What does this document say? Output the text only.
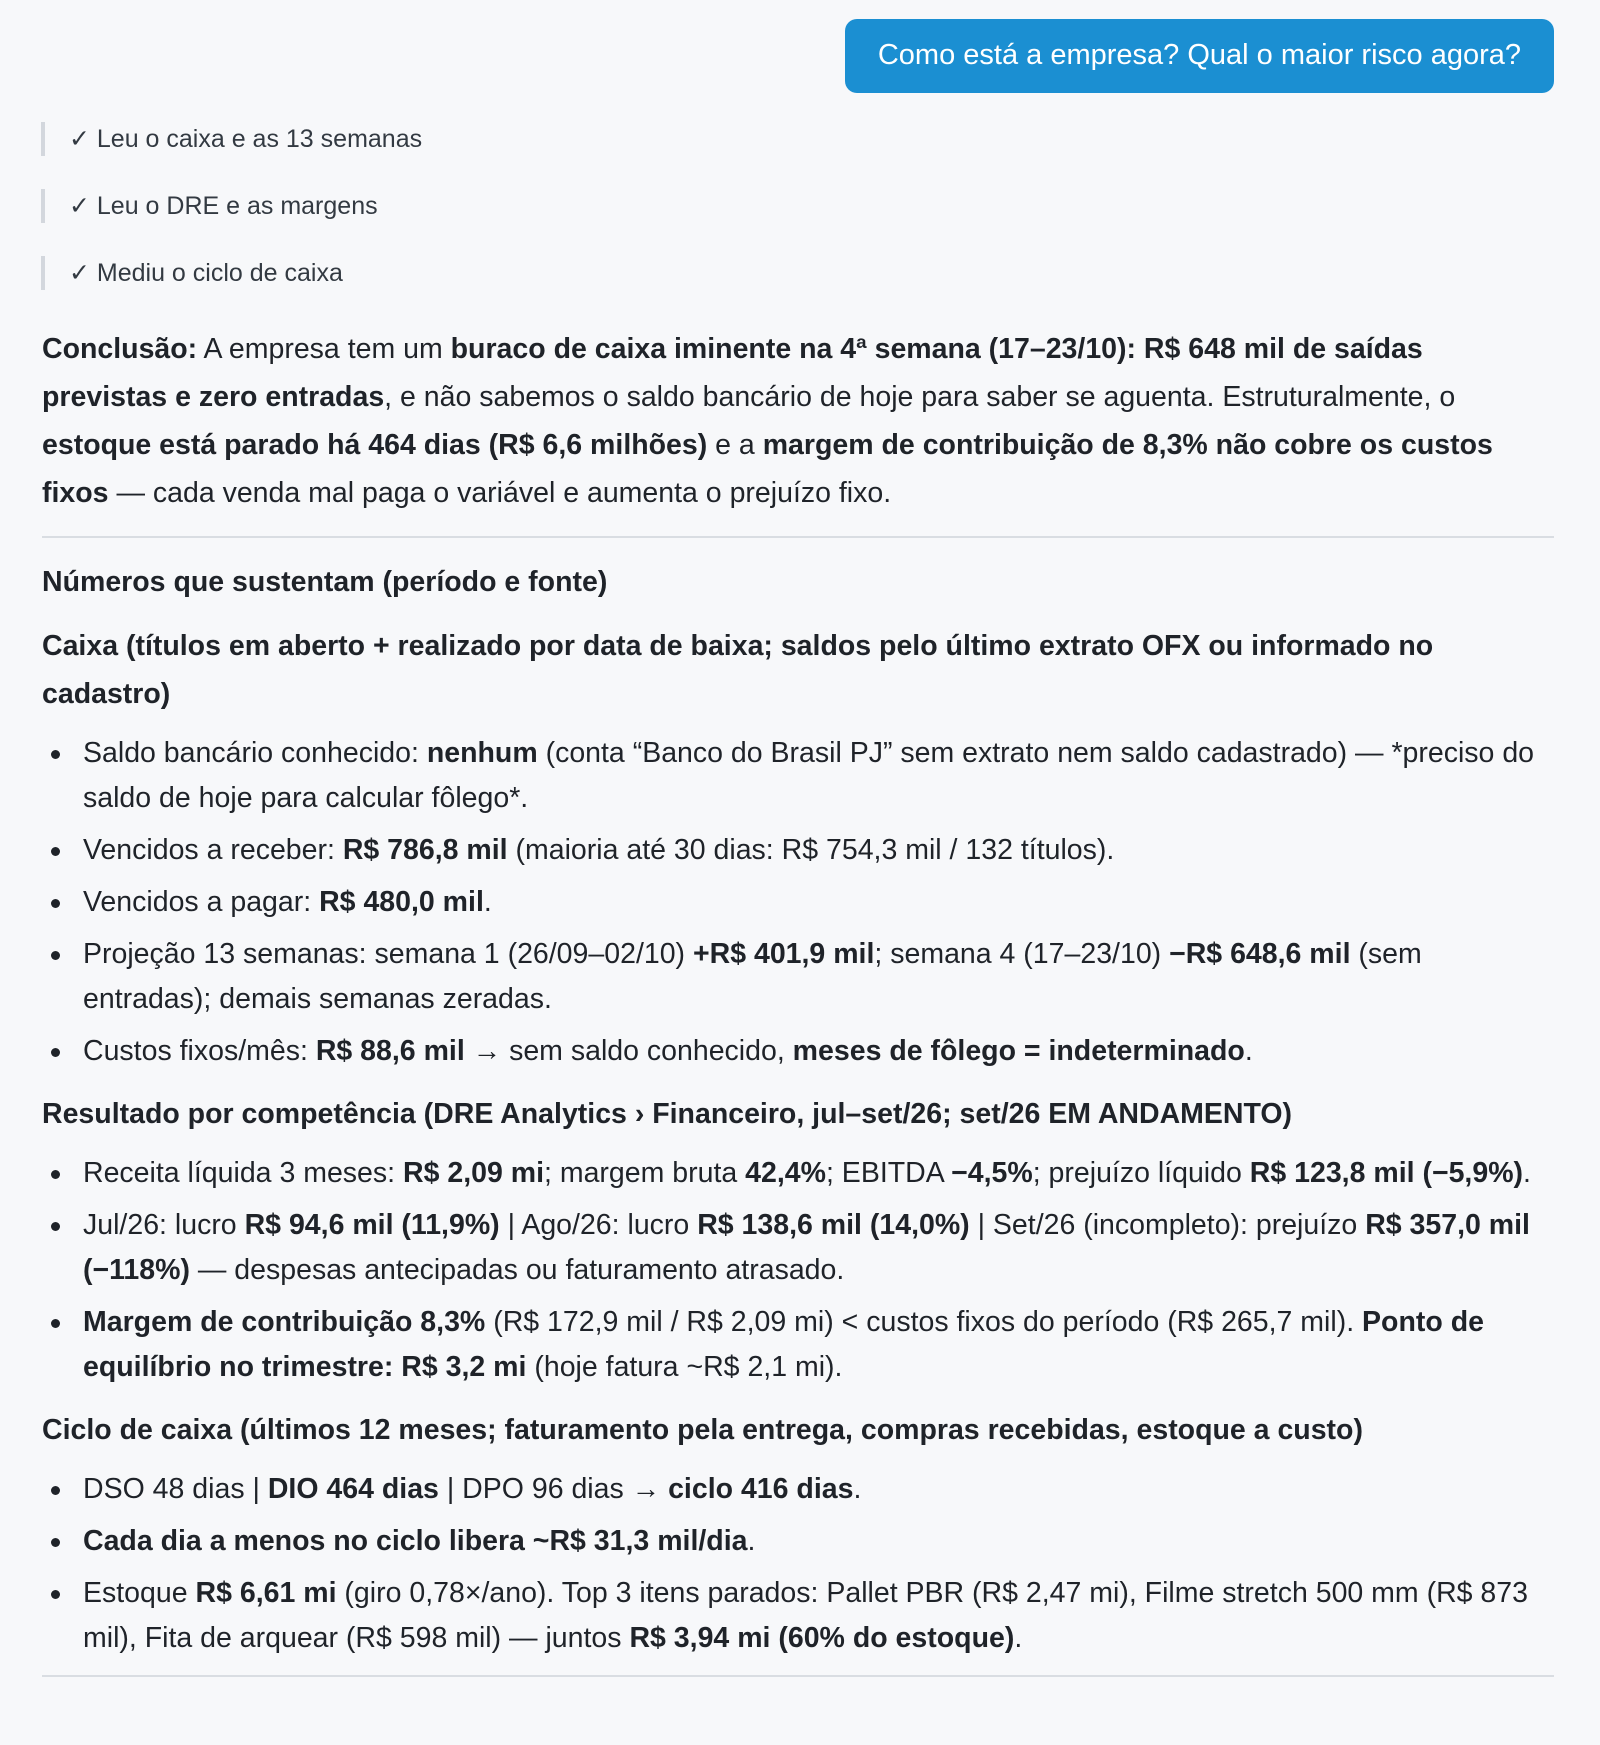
Como está a empresa? Qual o maior risco agora?
✓ Leu o caixa e as 13 semanas
✓ Leu o DRE e as margens
✓ Mediu o ciclo de caixa

Conclusão: A empresa tem um buraco de caixa iminente na 4ª semana (17–23/10): R$ 648 mil de saídas previstas e zero entradas, e não sabemos o saldo bancário de hoje para saber se aguenta. Estruturalmente, o estoque está parado há 464 dias (R$ 6,6 milhões) e a margem de contribuição de 8,3% não cobre os custos fixos — cada venda mal paga o variável e aumenta o prejuízo fixo.

Números que sustentam (período e fonte)
Caixa (títulos em aberto + realizado por data de baixa; saldos pelo último extrato OFX ou informado no cadastro)
Saldo bancário conhecido: nenhum (conta “Banco do Brasil PJ” sem extrato nem saldo cadastrado) — *preciso do saldo de hoje para calcular fôlego*.
Vencidos a receber: R$ 786,8 mil (maioria até 30 dias: R$ 754,3 mil / 132 títulos).
Vencidos a pagar: R$ 480,0 mil.
Projeção 13 semanas: semana 1 (26/09–02/10) +R$ 401,9 mil; semana 4 (17–23/10) −R$ 648,6 mil (sem entradas); demais semanas zeradas.
Custos fixos/mês: R$ 88,6 mil → sem saldo conhecido, meses de fôlego = indeterminado.
Resultado por competência (DRE Analytics › Financeiro, jul–set/26; set/26 EM ANDAMENTO)
Receita líquida 3 meses: R$ 2,09 mi; margem bruta 42,4%; EBITDA −4,5%; prejuízo líquido R$ 123,8 mil (−5,9%).
Jul/26: lucro R$ 94,6 mil (11,9%) | Ago/26: lucro R$ 138,6 mil (14,0%) | Set/26 (incompleto): prejuízo R$ 357,0 mil (−118%) — despesas antecipadas ou faturamento atrasado.
Margem de contribuição 8,3% (R$ 172,9 mil / R$ 2,09 mi) < custos fixos do período (R$ 265,7 mil). Ponto de equilíbrio no trimestre: R$ 3,2 mi (hoje fatura ~R$ 2,1 mi).
Ciclo de caixa (últimos 12 meses; faturamento pela entrega, compras recebidas, estoque a custo)
DSO 48 dias | DIO 464 dias | DPO 96 dias → ciclo 416 dias.
Cada dia a menos no ciclo libera ~R$ 31,3 mil/dia.
Estoque R$ 6,61 mi (giro 0,78×/ano). Top 3 itens parados: Pallet PBR (R$ 2,47 mi), Filme stretch 500 mm (R$ 873 mil), Fita de arquear (R$ 598 mil) — juntos R$ 3,94 mi (60% do estoque).
